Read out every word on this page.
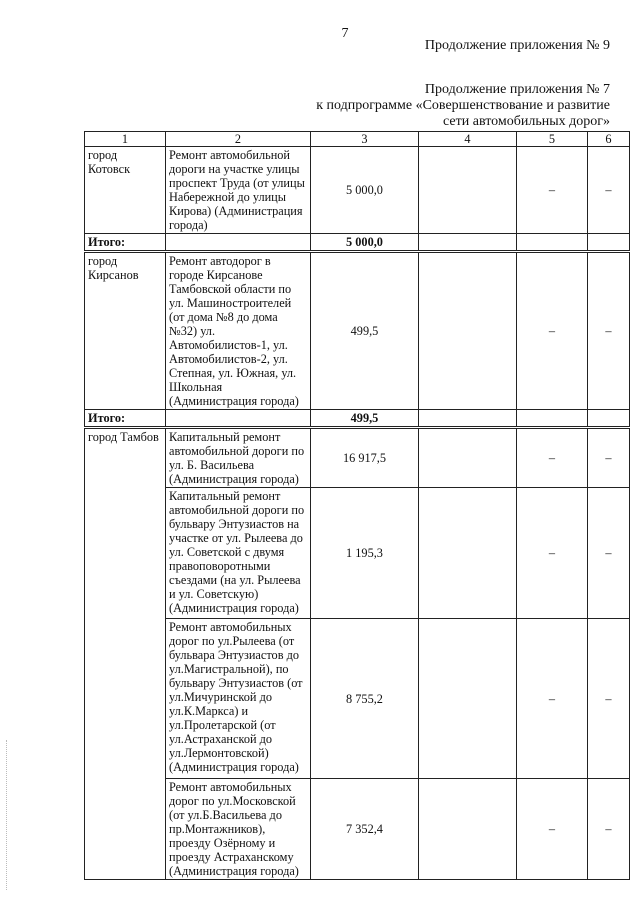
7
Продолжение приложения № 9
Продолжение приложения № 7
к подпрограмме «Совершенствование и развитие
сети автомобильных дорог»
1	2	3	4	5	6
город Котовск	Ремонт автомобильной дороги на участке улицы проспект Труда (от улицы Набережной до улицы Кирова) (Администрация города)	5 000,0		–	–
Итого:		5 000,0			
город Кирсанов	Ремонт автодорог в городе Кирсанове Тамбовской области по ул. Машиностроителей (от дома №8 до дома №32) ул. Автомобилистов-1, ул. Автомобилистов-2, ул. Степная, ул. Южная, ул. Школьная (Администрация города)	499,5		–	–
Итого:		499,5			
город Тамбов	Капитальный ремонт автомобильной дороги по ул. Б. Васильева (Администрация города)	16 917,5		–	–
	Капитальный ремонт автомобильной дороги по бульвару Энтузиастов на участке от ул. Рылеева до ул. Советской с двумя правоповоротными съездами (на ул. Рылеева и ул. Советскую) (Администрация города)	1 195,3		–	–
	Ремонт автомобильных дорог по ул.Рылеева (от бульвара Энтузиастов до ул.Магистральной), по бульвару Энтузиастов (от ул.Мичуринской до ул.К.Маркса) и ул.Пролетарской (от ул.Астраханской до ул.Лермонтовской) (Администрация города)	8 755,2		–	–
	Ремонт автомобильных дорог по ул.Московской (от ул.Б.Васильева до пр.Монтажников), проезду Озёрному и проезду Астраханскому (Администрация города)	7 352,4		–	–
